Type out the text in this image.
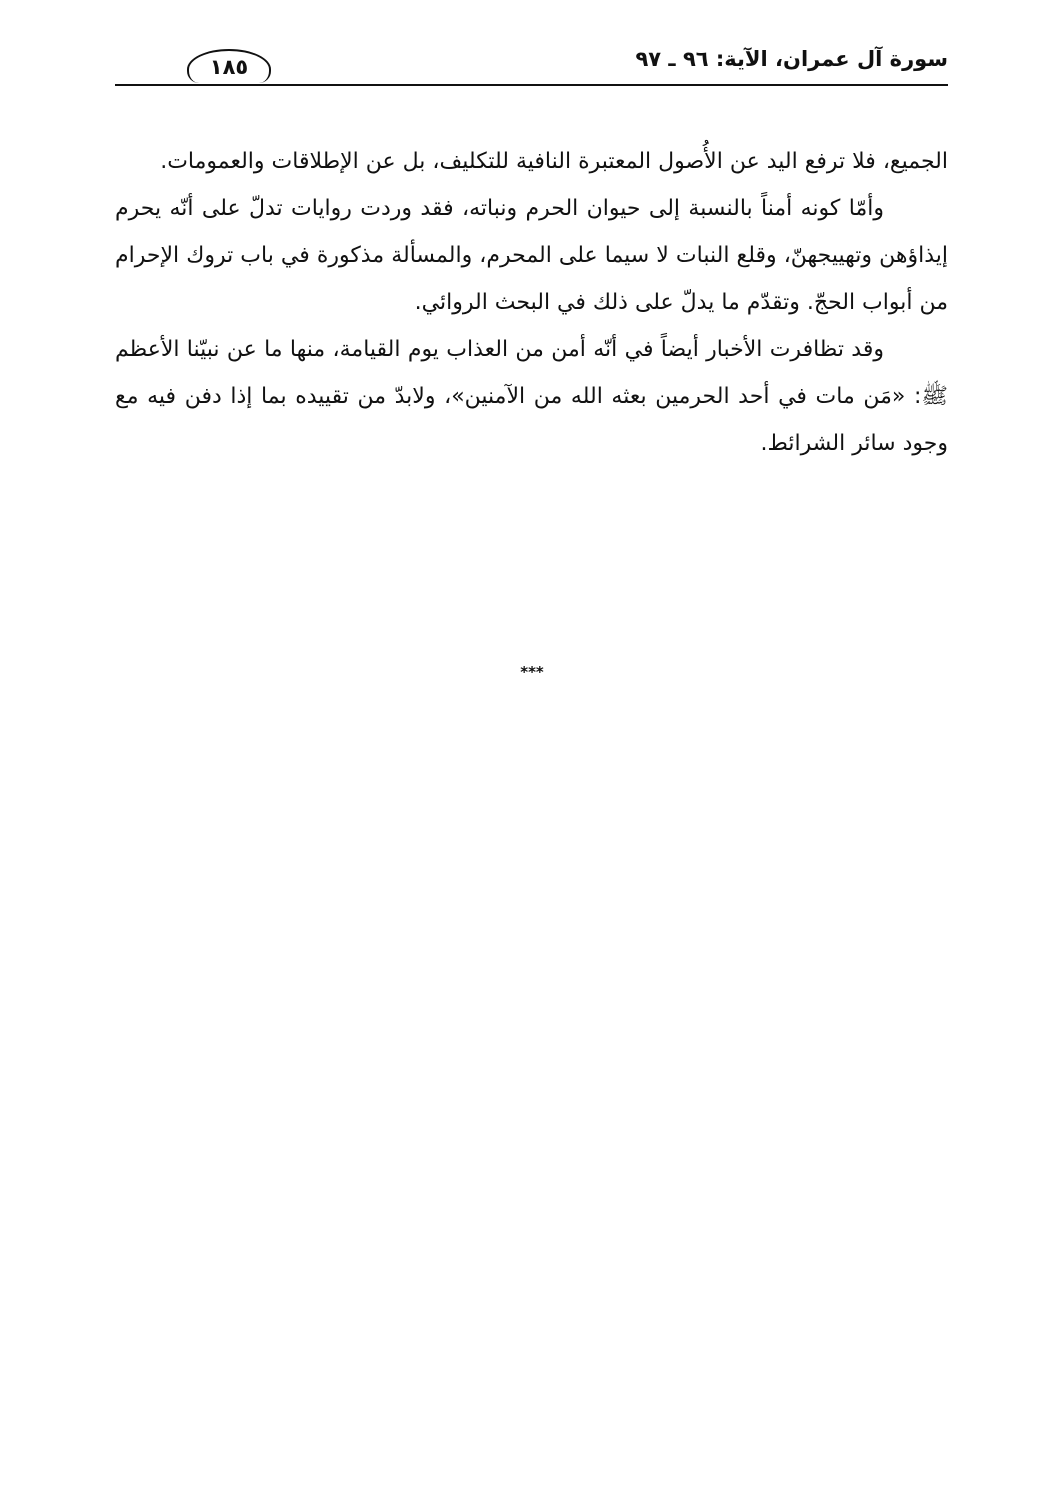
سورة آل عمران، الآية: ٩٦ ـ ٩٧
١٨٥

الجميع، فلا ترفع اليد عن الأُصول المعتبرة النافية للتكليف، بل عن الإطلاقات والعمومات.

وأمّا كونه أمناً بالنسبة إلى حيوان الحرم ونباته، فقد وردت روايات تدلّ على أنّه يحرم إيذاؤهن وتهييجهنّ، وقلع النبات لا سيما على المحرم، والمسألة مذكورة في باب تروك الإحرام من أبواب الحجّ. وتقدّم ما يدلّ على ذلك في البحث الروائي.

وقد تظافرت الأخبار أيضاً في أنّه أمن من العذاب يوم القيامة، منها ما عن نبيّنا الأعظم ﷺ: «مَن مات في أحد الحرمين بعثه الله من الآمنين»، ولابدّ من تقييده بما إذا دفن فيه مع وجود سائر الشرائط.

***
